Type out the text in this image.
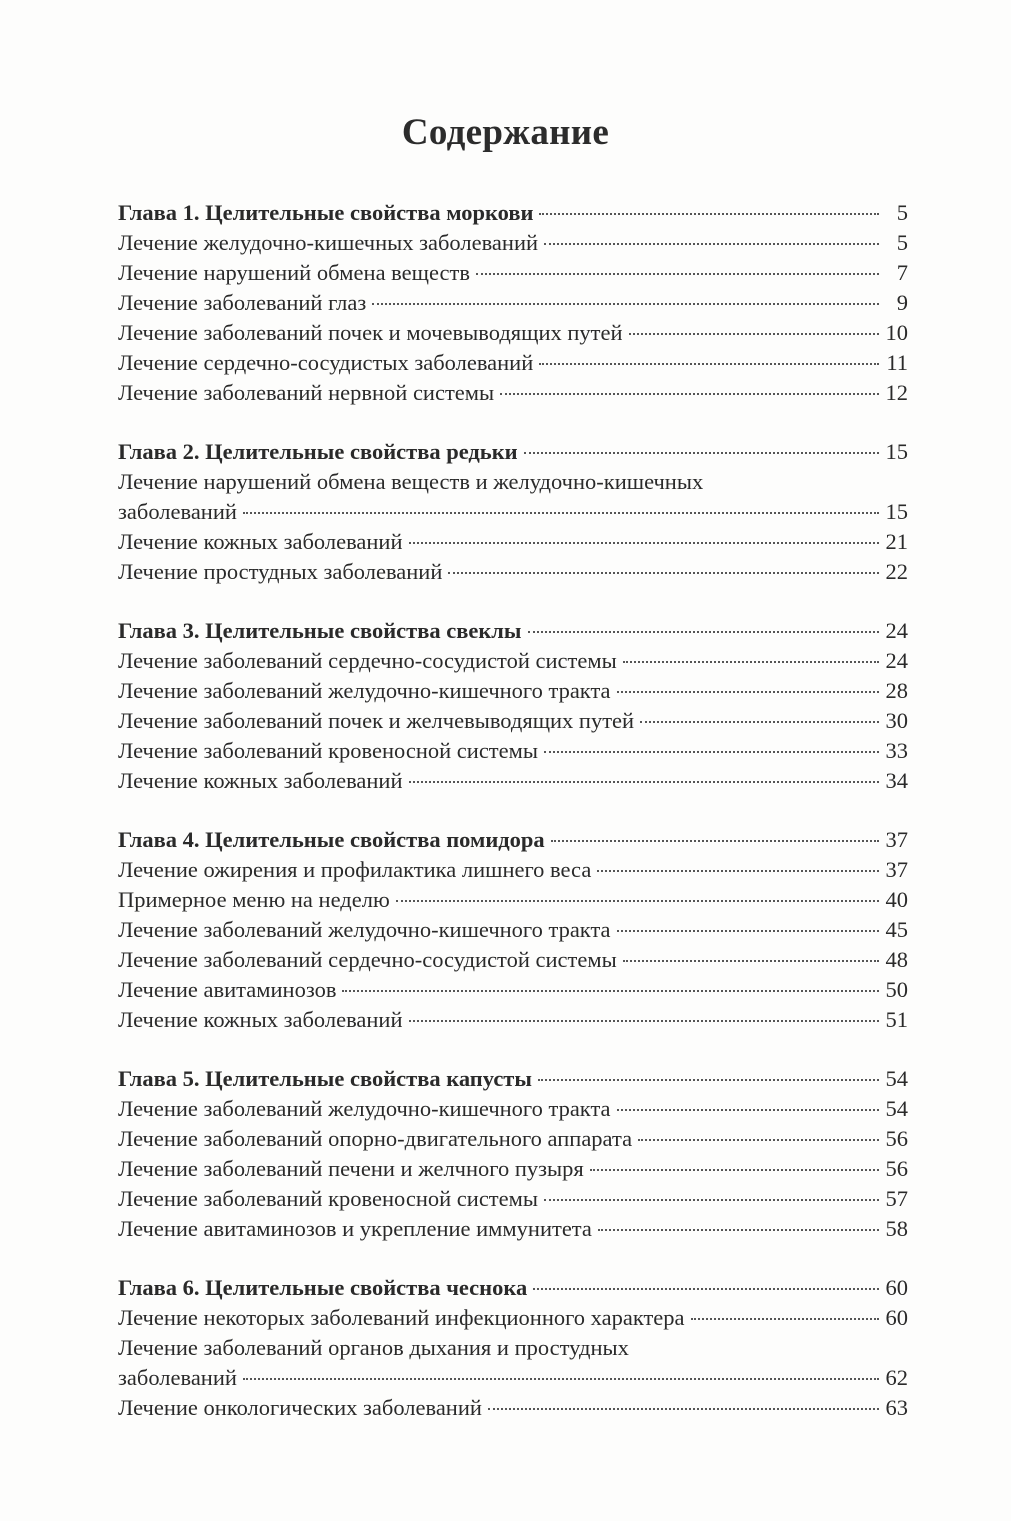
Содержание
Глава 1. Целительные свойства моркови	5
Лечение желудочно-кишечных заболеваний	5
Лечение нарушений обмена веществ	7
Лечение заболеваний глаз	9
Лечение заболеваний почек и мочевыводящих путей	10
Лечение сердечно-сосудистых заболеваний	11
Лечение заболеваний нервной системы	12
Глава 2. Целительные свойства редьки	15
Лечение нарушений обмена веществ и желудочно-кишечных
заболеваний	15
Лечение кожных заболеваний	21
Лечение простудных заболеваний	22
Глава 3. Целительные свойства свеклы	24
Лечение заболеваний сердечно-сосудистой системы	24
Лечение заболеваний желудочно-кишечного тракта	28
Лечение заболеваний почек и желчевыводящих путей	30
Лечение заболеваний кровеносной системы	33
Лечение кожных заболеваний	34
Глава 4. Целительные свойства помидора	37
Лечение ожирения и профилактика лишнего веса	37
Примерное меню на неделю	40
Лечение заболеваний желудочно-кишечного тракта	45
Лечение заболеваний сердечно-сосудистой системы	48
Лечение авитаминозов	50
Лечение кожных заболеваний	51
Глава 5. Целительные свойства капусты	54
Лечение заболеваний желудочно-кишечного тракта	54
Лечение заболеваний опорно-двигательного аппарата	56
Лечение заболеваний печени и желчного пузыря	56
Лечение заболеваний кровеносной системы	57
Лечение авитаминозов и укрепление иммунитета	58
Глава 6. Целительные свойства чеснока	60
Лечение некоторых заболеваний инфекционного характера	60
Лечение заболеваний органов дыхания и простудных
заболеваний	62
Лечение онкологических заболеваний	63
